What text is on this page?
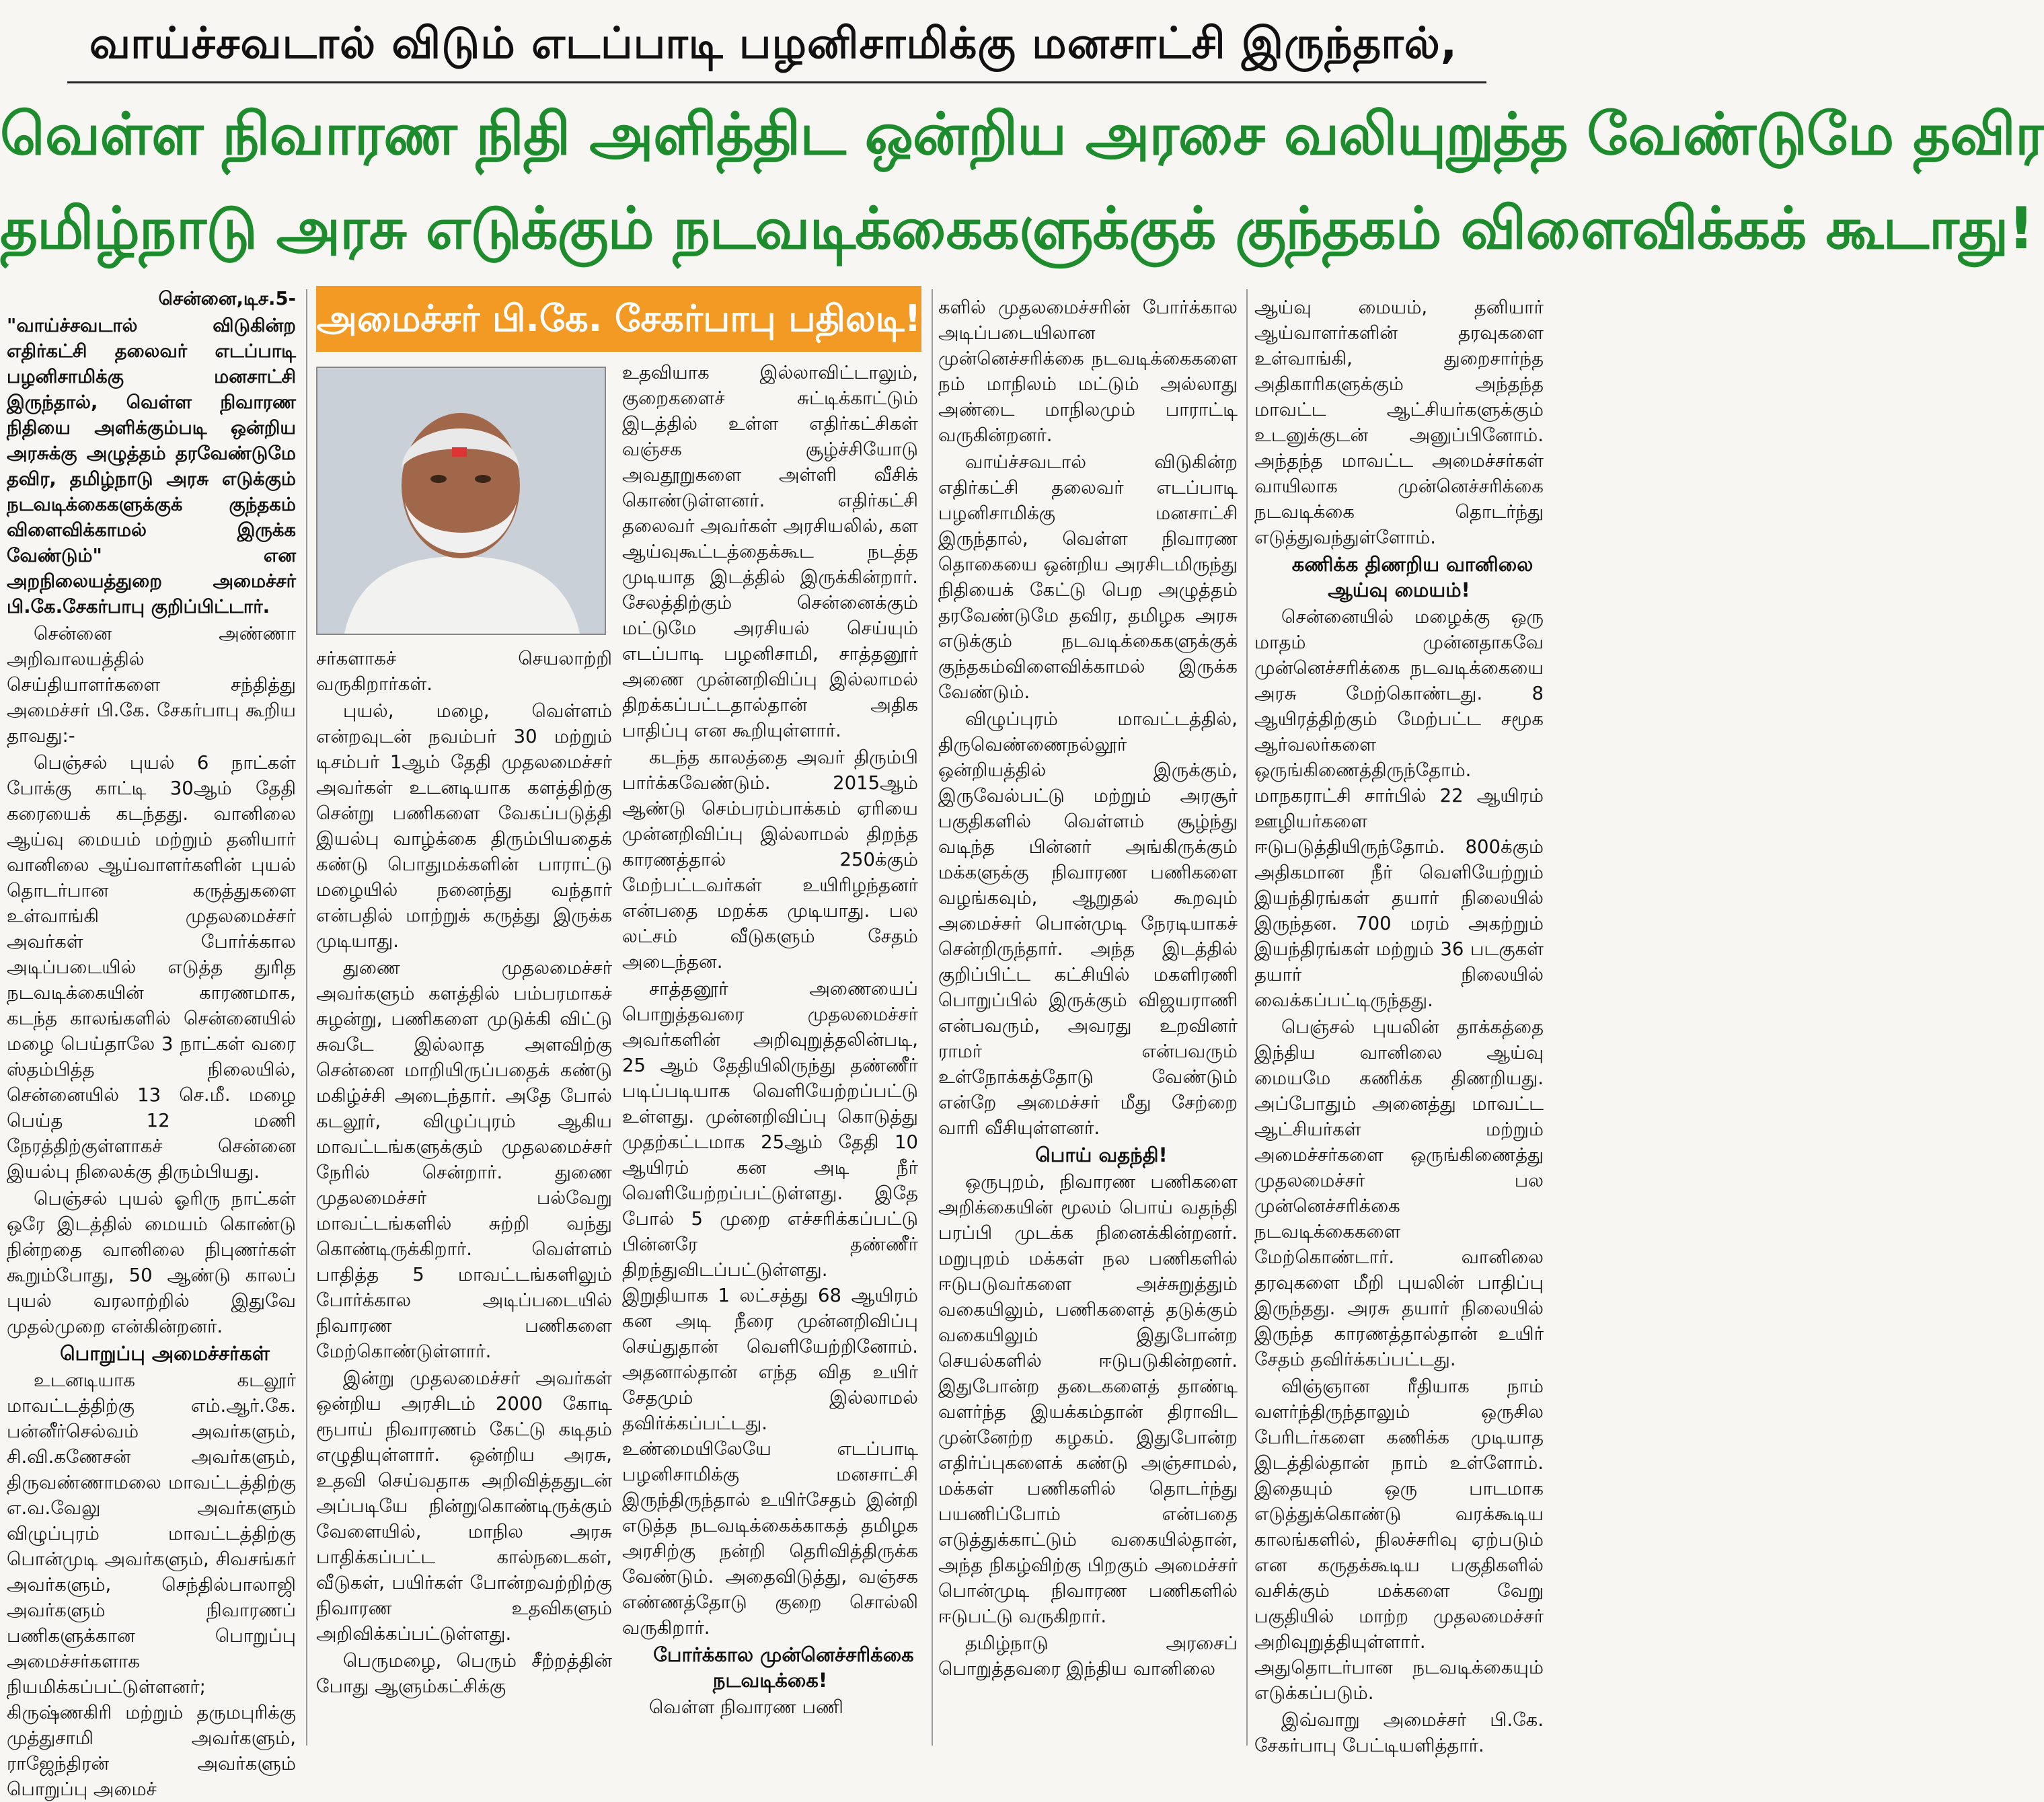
வாய்ச்சவடால் விடும் எடப்பாடி பழனிசாமிக்கு மனசாட்சி இருந்தால்,
வெள்ள நிவாரண நிதி அளித்திட ஒன்றிய அரசை வலியுறுத்த வேண்டுமே தவிர
தமிழ்நாடு அரசு எடுக்கும் நடவடிக்கைகளுக்குக் குந்தகம் விளைவிக்கக் கூடாது!
சென்னை,டிச.5-

"வாய்ச்சவடால் விடுகின்ற எதிர்கட்சி தலைவர் எடப்பாடி பழனிசாமிக்கு மனசாட்சி இருந்தால், வெள்ள நிவாரண நிதியை அளிக்கும்படி ஒன்றிய அரசுக்கு அழுத்தம் தரவேண்டுமே தவிர, தமிழ்நாடு அரசு எடுக்கும் நடவடிக்கைகளுக்குக் குந்தகம் விளைவிக்காமல் இருக்க வேண்டும்" என அறநிலையத்துறை அமைச்சர் பி.கே.சேகர்பாபு குறிப்பிட்டார்.

சென்னை அண்ணா அறிவாலயத்தில் செய்தியாளர்களை சந்தித்து அமைச்சர் பி.கே. சேகர்பாபு கூறிய தாவது:-

பெஞ்சல் புயல் 6 நாட்கள் போக்கு காட்டி 30ஆம் தேதி கரையைக் கடந்தது. வானிலை ஆய்வு மையம் மற்றும் தனியார் வானிலை ஆய்வாளர்களின் புயல் தொடர்பான கருத்துகளை உள்வாங்கி முதலமைச்சர் அவர்கள் போர்க்கால அடிப்படையில் எடுத்த துரித நடவடிக்கையின் காரணமாக, கடந்த காலங்களில் சென்னையில் மழை பெய்தாலே 3 நாட்கள் வரை ஸ்தம்பித்த நிலையில், சென்னையில் 13 செ.மீ. மழை பெய்த 12 மணி நேரத்திற்குள்ளாகச் சென்னை இயல்பு நிலைக்கு திரும்பியது.

பெஞ்சல் புயல் ஓரிரு நாட்கள் ஒரே இடத்தில் மையம் கொண்டு நின்றதை வானிலை நிபுணர்கள் கூறும்போது, 50 ஆண்டு காலப் புயல் வரலாற்றில் இதுவே முதல்முறை என்கின்றனர்.

பொறுப்பு அமைச்சர்கள்

உடனடியாக கடலூர் மாவட்டத்திற்கு எம்.ஆர்.கே. பன்னீர்செல்வம் அவர்களும், சி.வி.கணேசன் அவர்களும், திருவண்ணாமலை மாவட்டத்திற்கு எ.வ.வேலு அவர்களும் விழுப்புரம் மாவட்டத்திற்கு பொன்முடி அவர்களும், சிவசங்கர் அவர்களும், செந்தில்பாலாஜி அவர்களும் நிவாரணப் பணிகளுக்கான பொறுப்பு அமைச்சர்களாக நியமிக்கப்பட்டுள்ளனர்; கிருஷ்ணகிரி மற்றும் தருமபுரிக்கு முத்துசாமி அவர்களும், ராஜேந்திரன் அவர்களும் பொறுப்பு அமைச்

அமைச்சர் பி.கே. சேகர்பாபு பதிலடி!

சர்களாகச் செயலாற்றி வருகிறார்கள்.

புயல், மழை, வெள்ளம் என்றவுடன் நவம்பர் 30 மற்றும் டிசம்பர் 1ஆம் தேதி முதலமைச்சர் அவர்கள் உடனடியாக களத்திற்கு சென்று பணிகளை வேகப்படுத்தி இயல்பு வாழ்க்கை திரும்பியதைக் கண்டு பொதுமக்களின் பாராட்டு மழையில் நனைந்து வந்தார் என்பதில் மாற்றுக் கருத்து இருக்க முடியாது.

துணை முதலமைச்சர் அவர்களும் களத்தில் பம்பரமாகச் சுழன்று, பணிகளை முடுக்கி விட்டு சுவடே இல்லாத அளவிற்கு சென்னை மாறியிருப்பதைக் கண்டு மகிழ்ச்சி அடைந்தார். அதே போல் கடலூர், விழுப்புரம் ஆகிய மாவட்டங்களுக்கும் முதலமைச்சர் நேரில் சென்றார். துணை முதலமைச்சர் பல்வேறு மாவட்டங்களில் சுற்றி வந்து கொண்டிருக்கிறார். வெள்ளம் பாதித்த 5 மாவட்டங்களிலும் போர்க்கால அடிப்படையில் நிவாரண பணிகளை மேற்கொண்டுள்ளார்.

இன்று முதலமைச்சர் அவர்கள் ஒன்றிய அரசிடம் 2000 கோடி ரூபாய் நிவாரணம் கேட்டு கடிதம் எழுதியுள்ளார். ஒன்றிய அரசு, உதவி செய்வதாக அறிவித்ததுடன் அப்படியே நின்றுகொண்டிருக்கும் வேளையில், மாநில அரசு பாதிக்கப்பட்ட கால்நடைகள், வீடுகள், பயிர்கள் போன்றவற்றிற்கு நிவாரண உதவிகளும் அறிவிக்கப்பட்டுள்ளது.

பெருமழை, பெரும் சீற்றத்தின் போது ஆளும்கட்சிக்கு

உதவியாக இல்லாவிட்டாலும், குறைகளைச் சுட்டிக்காட்டும் இடத்தில் உள்ள எதிர்கட்சிகள் வஞ்சக சூழ்ச்சியோடு அவதூறுகளை அள்ளி வீசிக் கொண்டுள்ளனர். எதிர்கட்சி தலைவர் அவர்கள் அரசியலில், கள ஆய்வுகூட்டத்தைக்கூட நடத்த முடியாத இடத்தில் இருக்கின்றார். சேலத்திற்கும் சென்னைக்கும் மட்டுமே அரசியல் செய்யும் எடப்பாடி பழனிசாமி, சாத்தனூர் அணை முன்னறிவிப்பு இல்லாமல் திறக்கப்பட்டதால்தான் அதிக பாதிப்பு என கூறியுள்ளார்.

கடந்த காலத்தை அவர் திரும்பி பார்க்கவேண்டும். 2015ஆம் ஆண்டு செம்பரம்பாக்கம் ஏரியை முன்னறிவிப்பு இல்லாமல் திறந்த காரணத்தால் 250க்கும் மேற்பட்டவர்கள் உயிரிழந்தனர் என்பதை மறக்க முடியாது. பல லட்சம் வீடுகளும் சேதம் அடைந்தன.

சாத்தனூர் அணையைப் பொறுத்தவரை முதலமைச்சர் அவர்களின் அறிவுறுத்தலின்படி, 25 ஆம் தேதியிலிருந்து தண்ணீர் படிப்படியாக வெளியேற்றப்பட்டு உள்ளது. முன்னறிவிப்பு கொடுத்து முதற்கட்டமாக 25ஆம் தேதி 10 ஆயிரம் கன அடி நீர் வெளியேற்றப்பட்டுள்ளது. இதே போல் 5 முறை எச்சரிக்கப்பட்டு பின்னரே தண்ணீர் திறந்துவிடப்பட்டுள்ளது. இறுதியாக 1 லட்சத்து 68 ஆயிரம் கன அடி நீரை முன்னறிவிப்பு செய்துதான் வெளியேற்றினோம். அதனால்தான் எந்த வித உயிர் சேதமும் இல்லாமல் தவிர்க்கப்பட்டது. உண்மையிலேயே எடப்பாடி பழனிசாமிக்கு மனசாட்சி இருந்திருந்தால் உயிர்சேதம் இன்றி எடுத்த நடவடிக்கைக்காகத் தமிழக அரசிற்கு நன்றி தெரிவித்திருக்க வேண்டும். அதைவிடுத்து, வஞ்சக எண்ணத்தோடு குறை சொல்லி வருகிறார்.

போர்க்கால முன்னெச்சரிக்கை நடவடிக்கை!

வெள்ள நிவாரண பணி

களில் முதலமைச்சரின் போர்க்கால அடிப்படையிலான முன்னெச்சரிக்கை நடவடிக்கைகளை நம் மாநிலம் மட்டும் அல்லாது அண்டை மாநிலமும் பாராட்டி வருகின்றனர்.

வாய்ச்சவடால் விடுகின்ற எதிர்கட்சி தலைவர் எடப்பாடி பழனிசாமிக்கு மனசாட்சி இருந்தால், வெள்ள நிவாரண தொகையை ஒன்றிய அரசிடமிருந்து நிதியைக் கேட்டு பெற அழுத்தம் தரவேண்டுமே தவிர, தமிழக அரசு எடுக்கும் நடவடிக்கைகளுக்குக் குந்தகம்விளைவிக்காமல் இருக்க வேண்டும்.

விழுப்புரம் மாவட்டத்தில், திருவெண்ணைநல்லூர் ஒன்றியத்தில் இருக்கும், இருவேல்பட்டு மற்றும் அரசூர் பகுதிகளில் வெள்ளம் சூழ்ந்து வடிந்த பின்னர் அங்கிருக்கும் மக்களுக்கு நிவாரண பணிகளை வழங்கவும், ஆறுதல் கூறவும் அமைச்சர் பொன்முடி நேரடியாகச் சென்றிருந்தார். அந்த இடத்தில் குறிப்பிட்ட கட்சியில் மகளிரணி பொறுப்பில் இருக்கும் விஜயராணி என்பவரும், அவரது உறவினர் ராமர் என்பவரும் உள்நோக்கத்தோடு வேண்டும் என்றே அமைச்சர் மீது சேற்றை வாரி வீசியுள்ளனர்.

பொய் வதந்தி!

ஒருபுறம், நிவாரண பணிகளை அறிக்கையின் மூலம் பொய் வதந்தி பரப்பி முடக்க நினைக்கின்றனர். மறுபுறம் மக்கள் நல பணிகளில் ஈடுபடுவர்களை அச்சுறுத்தும் வகையிலும், பணிகளைத் தடுக்கும் வகையிலும் இதுபோன்ற செயல்களில் ஈடுபடுகின்றனர். இதுபோன்ற தடைகளைத் தாண்டி வளர்ந்த இயக்கம்தான் திராவிட முன்னேற்ற கழகம். இதுபோன்ற எதிர்ப்புகளைக் கண்டு அஞ்சாமல், மக்கள் பணிகளில் தொடர்ந்து பயணிப்போம் என்பதை எடுத்துக்காட்டும் வகையில்தான், அந்த நிகழ்விற்கு பிறகும் அமைச்சர் பொன்முடி நிவாரண பணிகளில் ஈடுபட்டு வருகிறார்.

தமிழ்நாடு அரசைப் பொறுத்தவரை இந்திய வானிலை

ஆய்வு மையம், தனியார் ஆய்வாளர்களின் தரவுகளை உள்வாங்கி, துறைசார்ந்த அதிகாரிகளுக்கும் அந்தந்த மாவட்ட ஆட்சியர்களுக்கும் உடனுக்குடன் அனுப்பினோம். அந்தந்த மாவட்ட அமைச்சர்கள் வாயிலாக முன்னெச்சரிக்கை நடவடிக்கை தொடர்ந்து எடுத்துவந்துள்ளோம்.

கணிக்க திணறிய வானிலை ஆய்வு மையம்!

சென்னையில் மழைக்கு ஒரு மாதம் முன்னதாகவே முன்னெச்சரிக்கை நடவடிக்கையை அரசு மேற்கொண்டது. 8 ஆயிரத்திற்கும் மேற்பட்ட சமூக ஆர்வலர்களை ஒருங்கிணைத்திருந்தோம். மாநகராட்சி சார்பில் 22 ஆயிரம் ஊழியர்களை ஈடுபடுத்தியிருந்தோம். 800க்கும் அதிகமான நீர் வெளியேற்றும் இயந்திரங்கள் தயார் நிலையில் இருந்தன. 700 மரம் அகற்றும் இயந்திரங்கள் மற்றும் 36 படகுகள் தயார் நிலையில் வைக்கப்பட்டிருந்தது.

பெஞ்சல் புயலின் தாக்கத்தை இந்திய வானிலை ஆய்வு மையமே கணிக்க திணறியது. அப்போதும் அனைத்து மாவட்ட ஆட்சியர்கள் மற்றும் அமைச்சர்களை ஒருங்கிணைத்து முதலமைச்சர் பல முன்னெச்சரிக்கை நடவடிக்கைகளை மேற்கொண்டார். வானிலை தரவுகளை மீறி புயலின் பாதிப்பு இருந்தது. அரசு தயார் நிலையில் இருந்த காரணத்தால்தான் உயிர் சேதம் தவிர்க்கப்பட்டது.

விஞ்ஞான ரீதியாக நாம் வளர்ந்திருந்தாலும் ஒருசில பேரிடர்களை கணிக்க முடியாத இடத்தில்தான் நாம் உள்ளோம். இதையும் ஒரு பாடமாக எடுத்துக்கொண்டு வரக்கூடிய காலங்களில், நிலச்சரிவு ஏற்படும் என கருதக்கூடிய பகுதிகளில் வசிக்கும் மக்களை வேறு பகுதியில் மாற்ற முதலமைச்சர் அறிவுறுத்தியுள்ளார். அதுதொடர்பான நடவடிக்கையும் எடுக்கப்படும்.

இவ்வாறு அமைச்சர் பி.கே. சேகர்பாபு பேட்டியளித்தார்.
